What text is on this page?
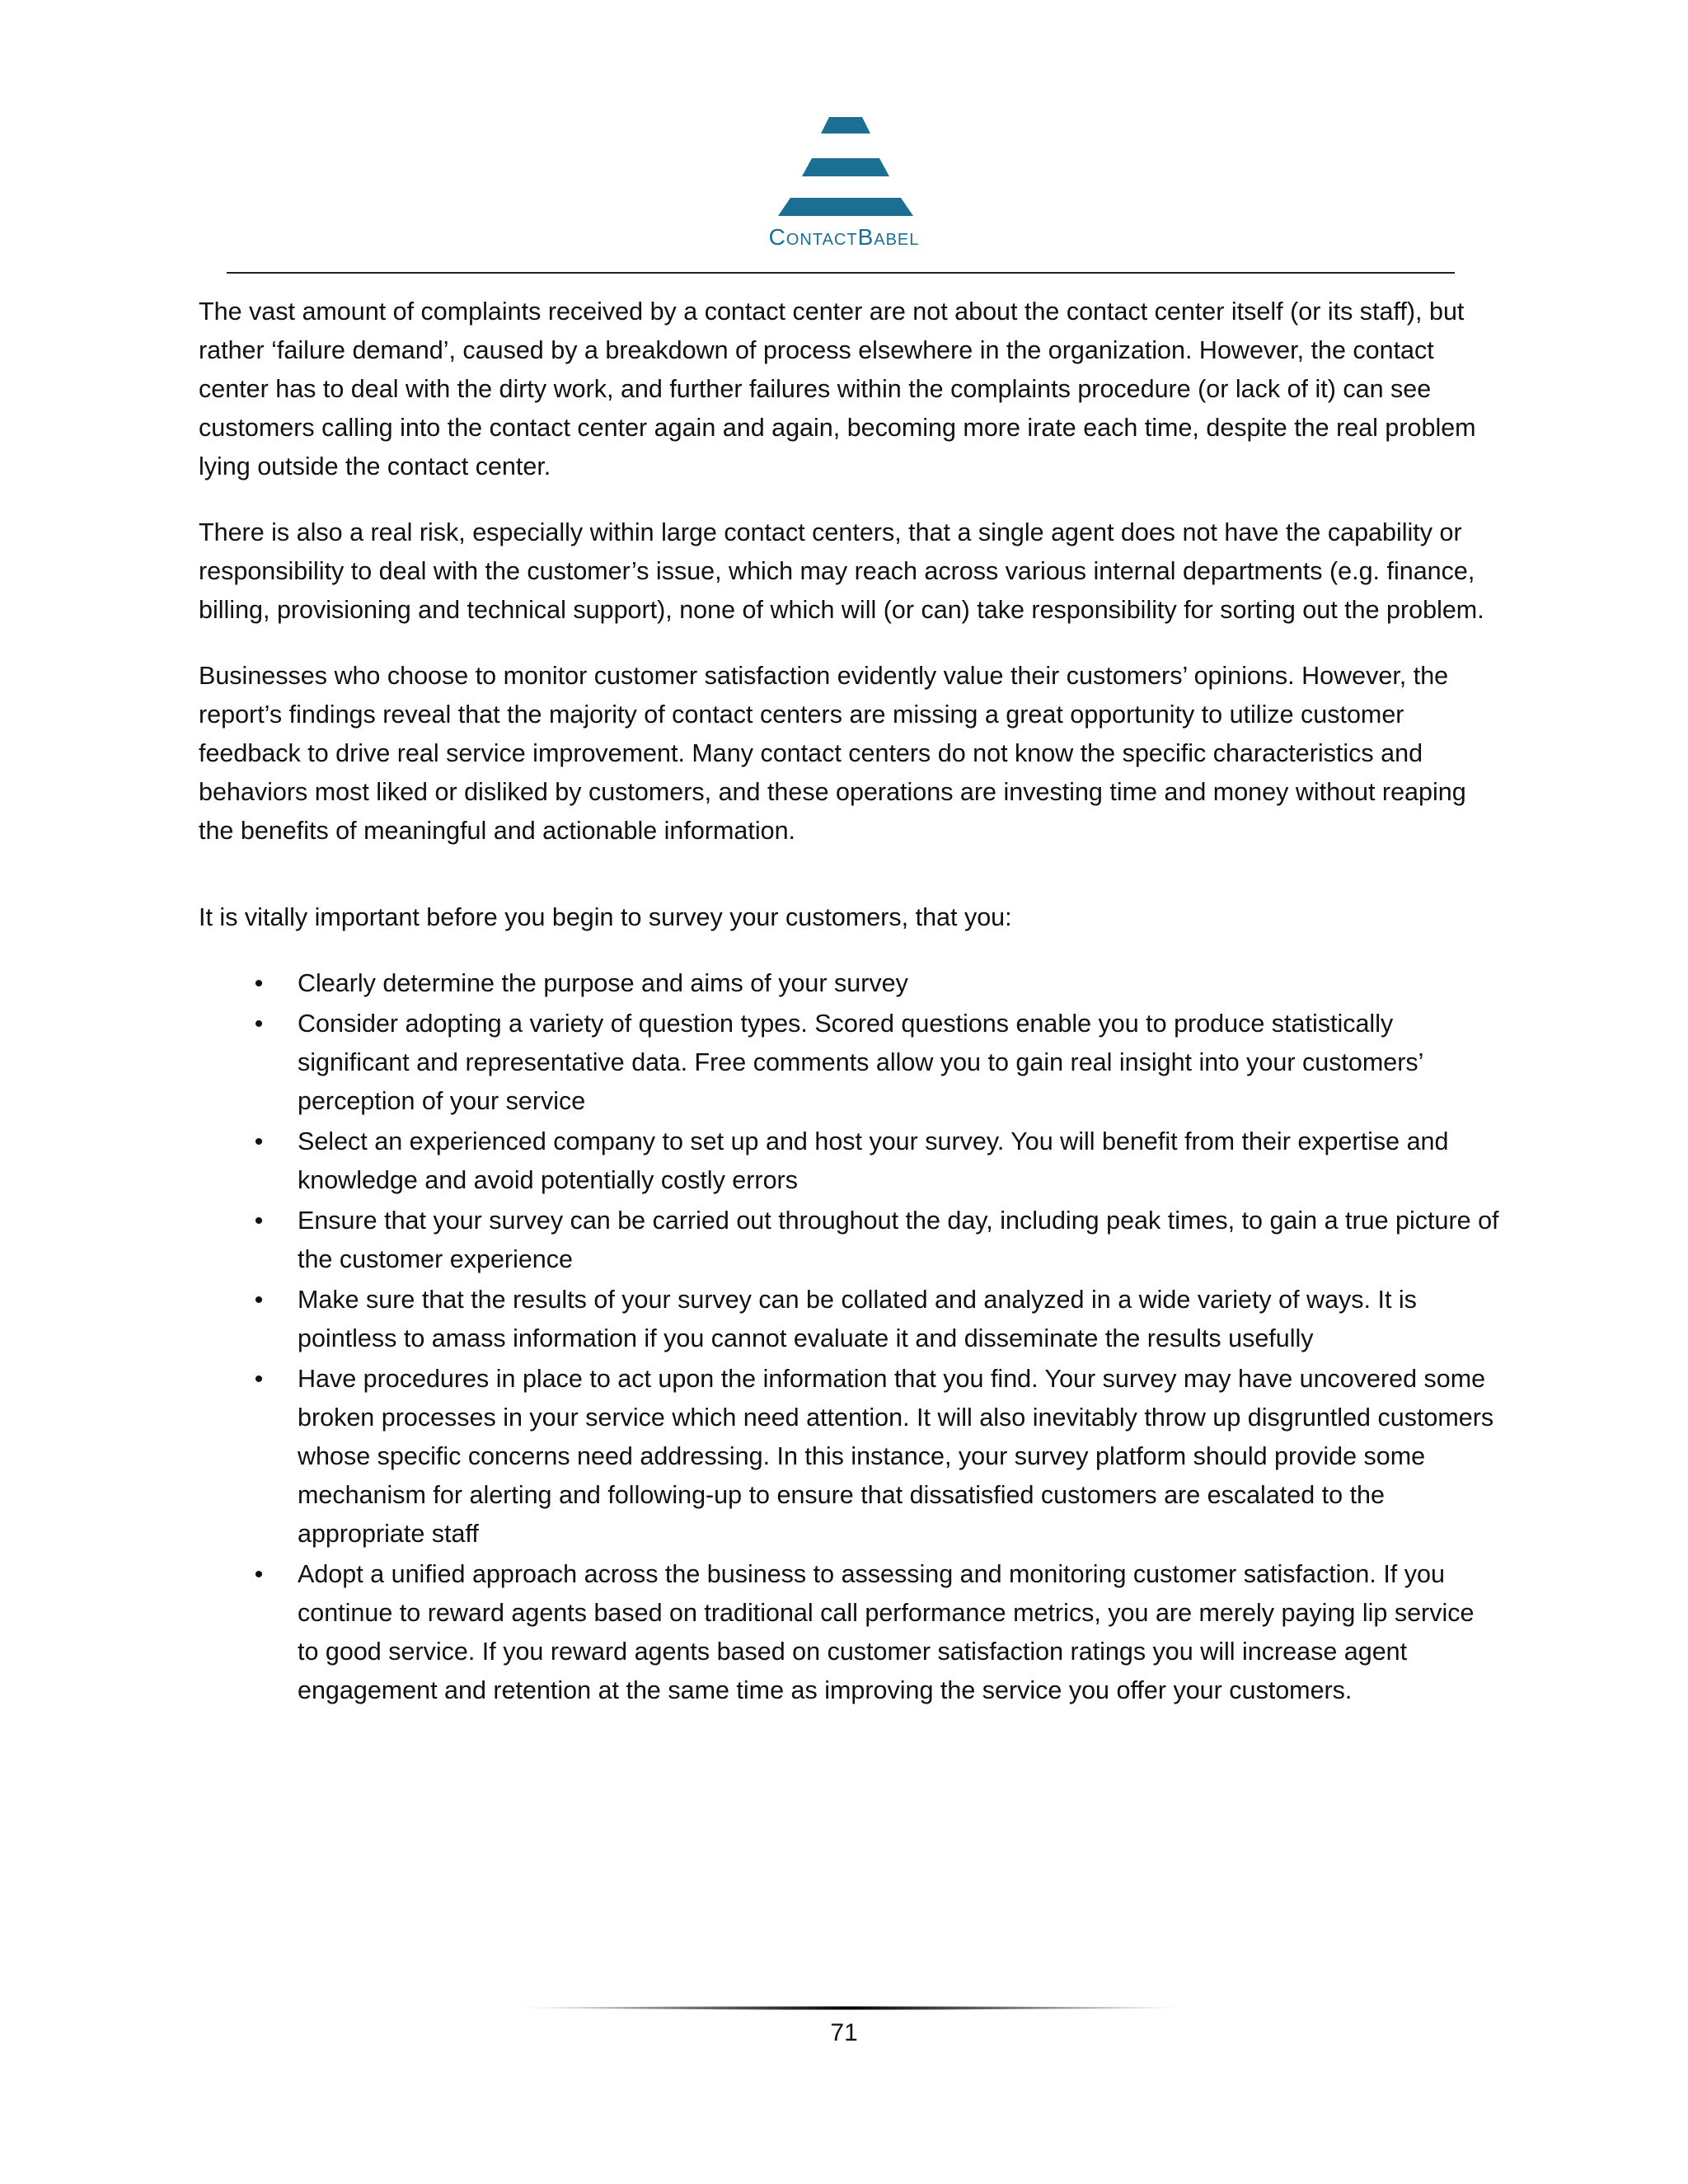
ContactBabel

The vast amount of complaints received by a contact center are not about the contact center itself (or its staff), but rather ‘failure demand’, caused by a breakdown of process elsewhere in the organization. However, the contact center has to deal with the dirty work, and further failures within the complaints procedure (or lack of it) can see customers calling into the contact center again and again, becoming more irate each time, despite the real problem lying outside the contact center.

There is also a real risk, especially within large contact centers, that a single agent does not have the capability or responsibility to deal with the customer’s issue, which may reach across various internal departments (e.g. finance, billing, provisioning and technical support), none of which will (or can) take responsibility for sorting out the problem.

Businesses who choose to monitor customer satisfaction evidently value their customers’ opinions. However, the report’s findings reveal that the majority of contact centers are missing a great opportunity to utilize customer feedback to drive real service improvement. Many contact centers do not know the specific characteristics and behaviors most liked or disliked by customers, and these operations are investing time and money without reaping the benefits of meaningful and actionable information.

It is vitally important before you begin to survey your customers, that you:

• Clearly determine the purpose and aims of your survey
• Consider adopting a variety of question types. Scored questions enable you to produce statistically significant and representative data. Free comments allow you to gain real insight into your customers’ perception of your service
• Select an experienced company to set up and host your survey. You will benefit from their expertise and knowledge and avoid potentially costly errors
• Ensure that your survey can be carried out throughout the day, including peak times, to gain a true picture of the customer experience
• Make sure that the results of your survey can be collated and analyzed in a wide variety of ways. It is pointless to amass information if you cannot evaluate it and disseminate the results usefully
• Have procedures in place to act upon the information that you find. Your survey may have uncovered some broken processes in your service which need attention. It will also inevitably throw up disgruntled customers whose specific concerns need addressing. In this instance, your survey platform should provide some mechanism for alerting and following-up to ensure that dissatisfied customers are escalated to the appropriate staff
• Adopt a unified approach across the business to assessing and monitoring customer satisfaction. If you continue to reward agents based on traditional call performance metrics, you are merely paying lip service to good service. If you reward agents based on customer satisfaction ratings you will increase agent engagement and retention at the same time as improving the service you offer your customers.
71
